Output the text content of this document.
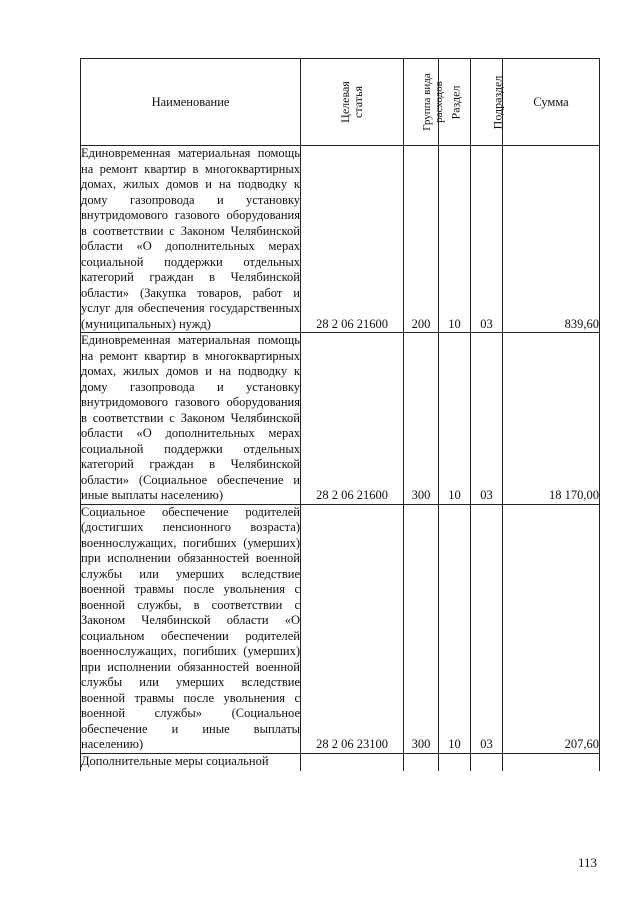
Наименование	Целевая статья	Группа вида расходов	Раздел	Подраздел	Сумма
Единовременная материальная помощь на ремонт квартир в многоквартирных домах, жилых домов и на подводку к дому газопровода и установку внутридомового газового оборудования в соответствии с Законом Челябинской области «О дополнительных мерах социальной поддержки отдельных категорий граждан в Челябинской области» (Закупка товаров, работ и услуг для обеспечения государственных (муниципальных) нужд)	28 2 06 21600	200	10	03	839,60
Единовременная материальная помощь на ремонт квартир в многоквартирных домах, жилых домов и на подводку к дому газопровода и установку внутридомового газового оборудования в соответствии с Законом Челябинской области «О дополнительных мерах социальной поддержки отдельных категорий граждан в Челябинской области» (Социальное обеспечение и иные выплаты населению)	28 2 06 21600	300	10	03	18 170,00
Социальное обеспечение родителей (достигших пенсионного возраста) военнослужащих, погибших (умерших) при исполнении обязанностей военной службы или умерших вследствие военной травмы после увольнения с военной службы, в соответствии с Законом Челябинской области «О социальном обеспечении родителей военнослужащих, погибших (умерших) при исполнении обязанностей военной службы или умерших вследствие военной травмы после увольнения с военной службы» (Социальное обеспечение и иные выплаты населению)	28 2 06 23100	300	10	03	207,60
Дополнительные меры социальной					
113
